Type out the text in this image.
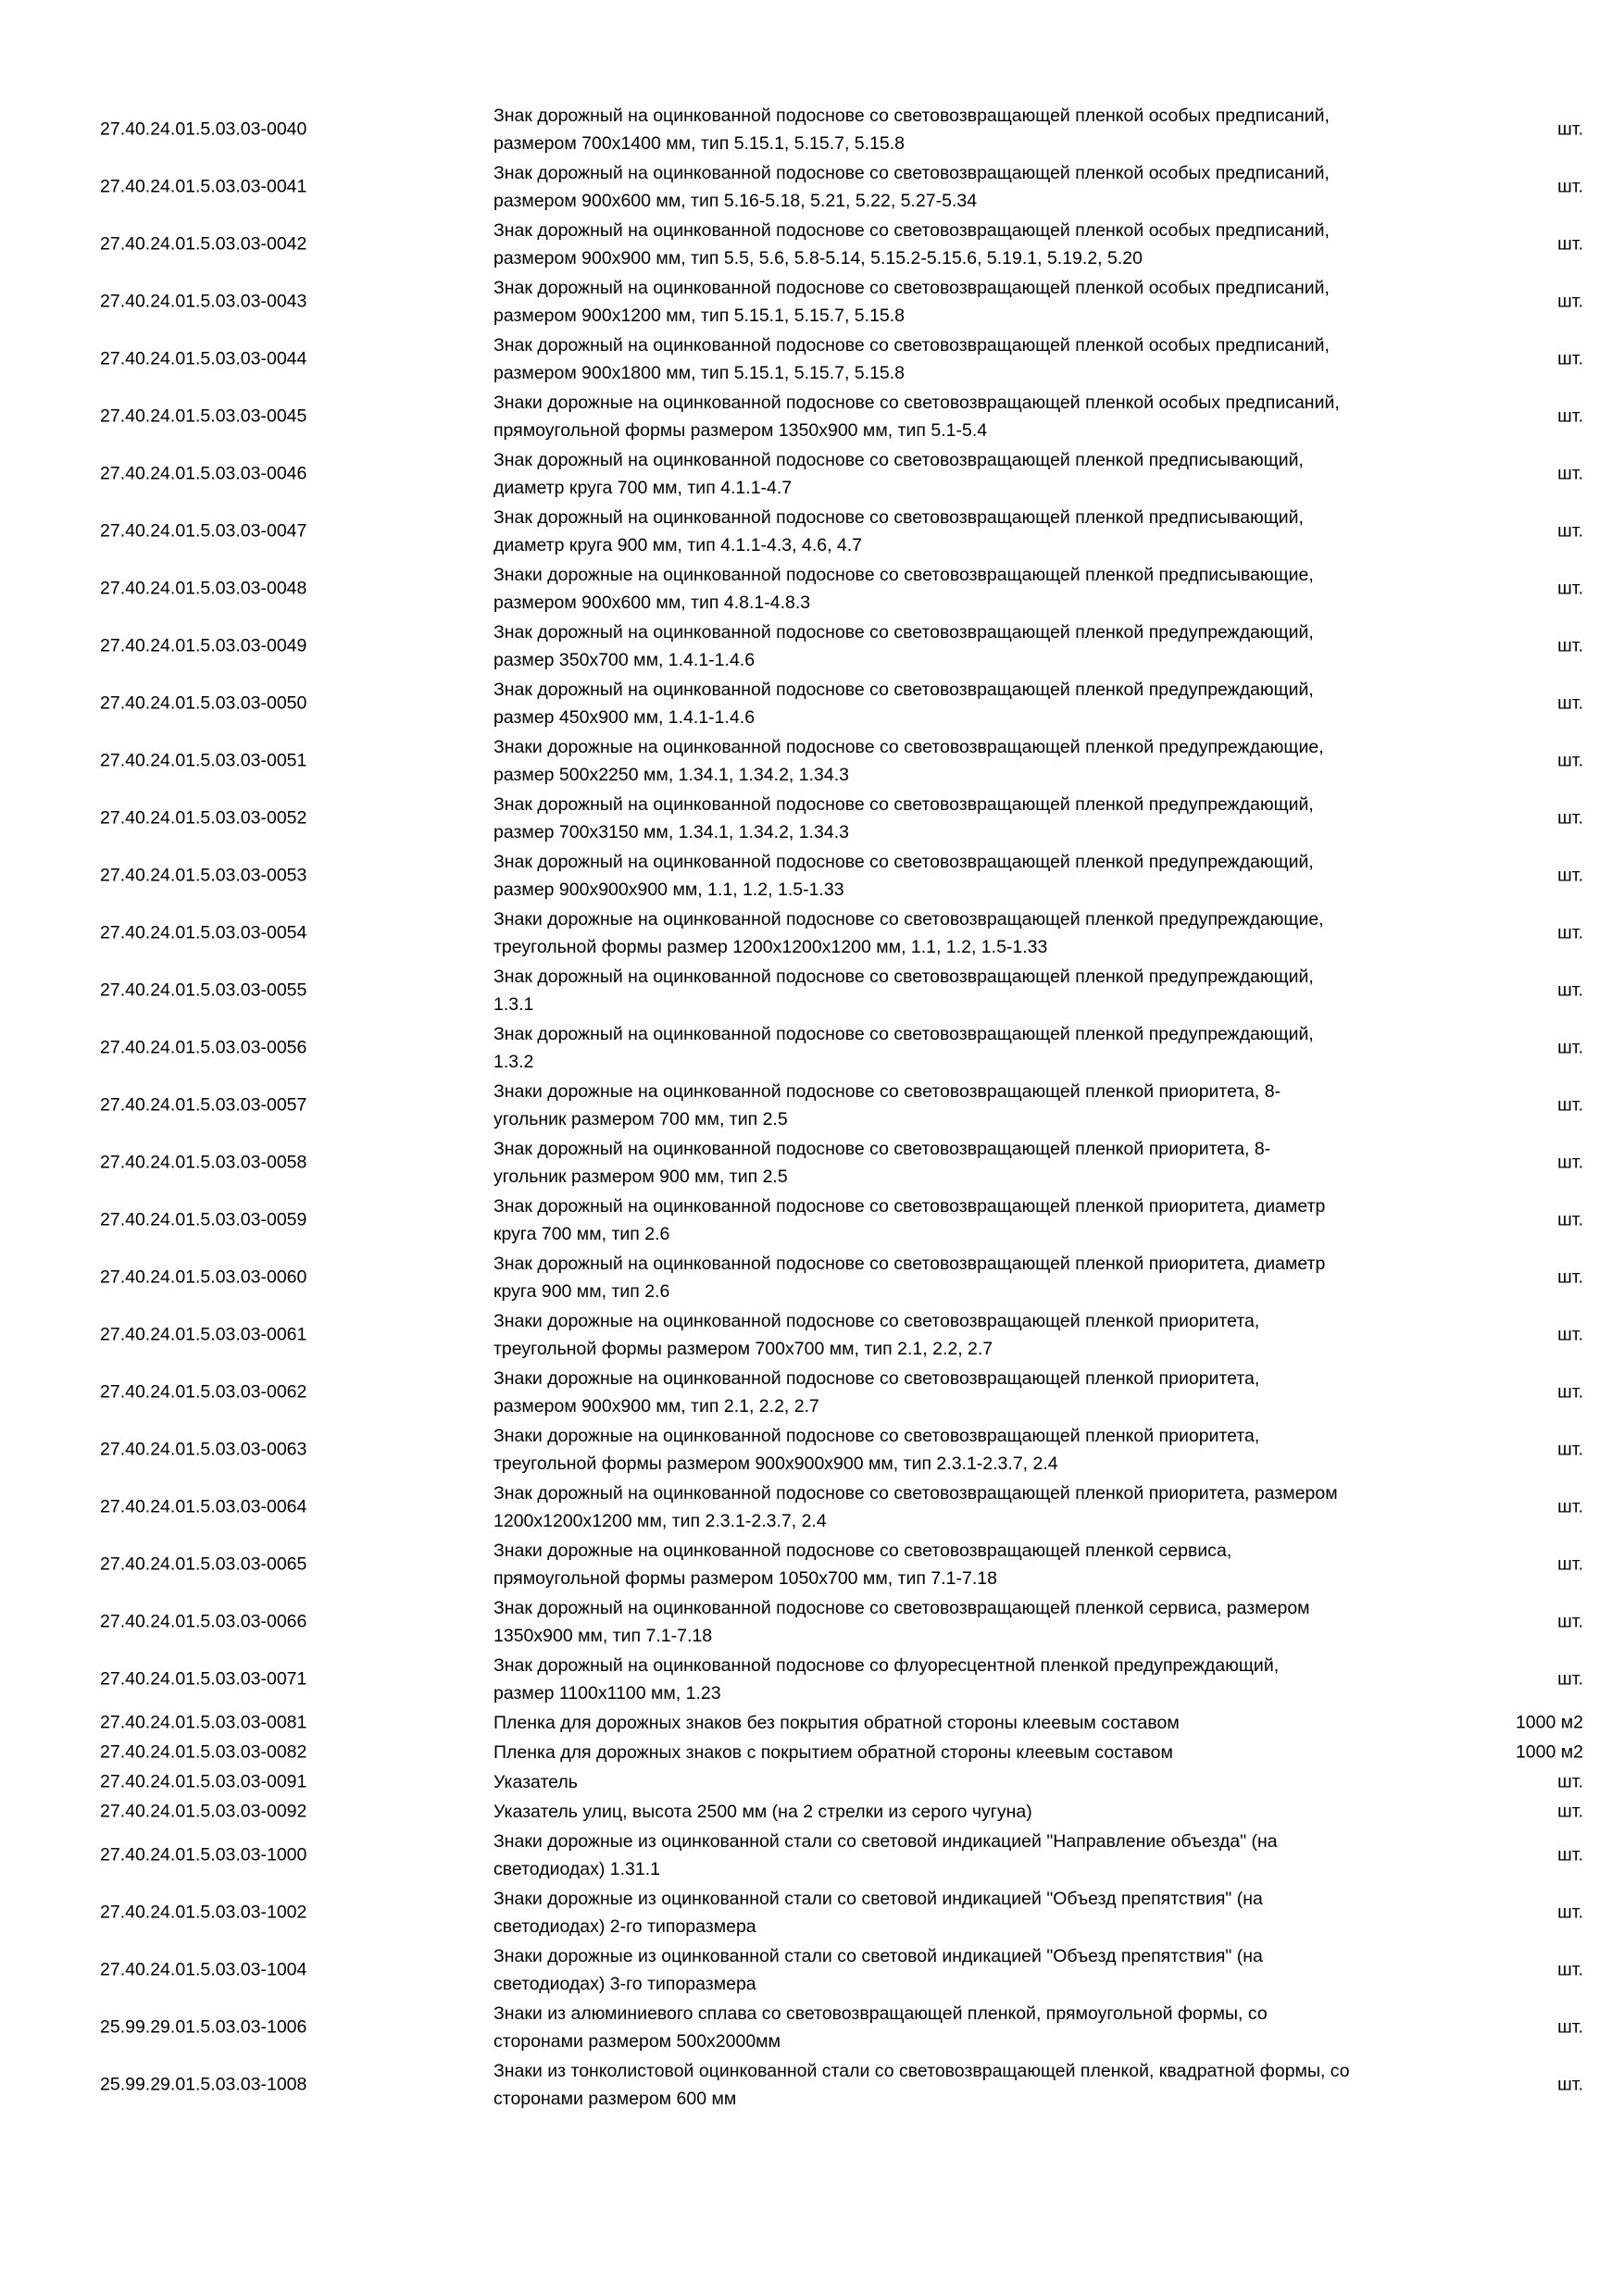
27.40.24.01.5.03.03-0040
Знак дорожный на оцинкованной подоснове со световозвращающей пленкой особых предписаний,
размером 700x1400 мм, тип 5.15.1, 5.15.7, 5.15.8
шт.
27.40.24.01.5.03.03-0041
Знак дорожный на оцинкованной подоснове со световозвращающей пленкой особых предписаний,
размером 900x600 мм, тип 5.16-5.18, 5.21, 5.22, 5.27-5.34
шт.
27.40.24.01.5.03.03-0042
Знак дорожный на оцинкованной подоснове со световозвращающей пленкой особых предписаний,
размером 900x900 мм, тип 5.5, 5.6, 5.8-5.14, 5.15.2-5.15.6, 5.19.1, 5.19.2, 5.20
шт.
27.40.24.01.5.03.03-0043
Знак дорожный на оцинкованной подоснове со световозвращающей пленкой особых предписаний,
размером 900x1200 мм, тип 5.15.1, 5.15.7, 5.15.8
шт.
27.40.24.01.5.03.03-0044
Знак дорожный на оцинкованной подоснове со световозвращающей пленкой особых предписаний,
размером 900x1800 мм, тип 5.15.1, 5.15.7, 5.15.8
шт.
27.40.24.01.5.03.03-0045
Знаки дорожные на оцинкованной подоснове со световозвращающей пленкой особых предписаний,
прямоугольной формы размером 1350x900 мм, тип 5.1-5.4
шт.
27.40.24.01.5.03.03-0046
Знак дорожный на оцинкованной подоснове со световозвращающей пленкой предписывающий,
диаметр круга 700 мм, тип 4.1.1-4.7
шт.
27.40.24.01.5.03.03-0047
Знак дорожный на оцинкованной подоснове со световозвращающей пленкой предписывающий,
диаметр круга 900 мм, тип 4.1.1-4.3, 4.6, 4.7
шт.
27.40.24.01.5.03.03-0048
Знаки дорожные на оцинкованной подоснове со световозвращающей пленкой предписывающие,
размером 900x600 мм, тип 4.8.1-4.8.3
шт.
27.40.24.01.5.03.03-0049
Знак дорожный на оцинкованной подоснове со световозвращающей пленкой предупреждающий,
размер 350x700 мм, 1.4.1-1.4.6
шт.
27.40.24.01.5.03.03-0050
Знак дорожный на оцинкованной подоснове со световозвращающей пленкой предупреждающий,
размер 450x900 мм, 1.4.1-1.4.6
шт.
27.40.24.01.5.03.03-0051
Знаки дорожные на оцинкованной подоснове со световозвращающей пленкой предупреждающие,
размер 500x2250 мм, 1.34.1, 1.34.2, 1.34.3
шт.
27.40.24.01.5.03.03-0052
Знак дорожный на оцинкованной подоснове со световозвращающей пленкой предупреждающий,
размер 700x3150 мм, 1.34.1, 1.34.2, 1.34.3
шт.
27.40.24.01.5.03.03-0053
Знак дорожный на оцинкованной подоснове со световозвращающей пленкой предупреждающий,
размер 900x900x900 мм, 1.1, 1.2, 1.5-1.33
шт.
27.40.24.01.5.03.03-0054
Знаки дорожные на оцинкованной подоснове со световозвращающей пленкой предупреждающие,
треугольной формы размер 1200x1200x1200 мм, 1.1, 1.2, 1.5-1.33
шт.
27.40.24.01.5.03.03-0055
Знак дорожный на оцинкованной подоснове со световозвращающей пленкой предупреждающий,
1.3.1
шт.
27.40.24.01.5.03.03-0056
Знак дорожный на оцинкованной подоснове со световозвращающей пленкой предупреждающий,
1.3.2
шт.
27.40.24.01.5.03.03-0057
Знаки дорожные на оцинкованной подоснове со световозвращающей пленкой приоритета, 8-
угольник размером 700 мм, тип 2.5
шт.
27.40.24.01.5.03.03-0058
Знак дорожный на оцинкованной подоснове со световозвращающей пленкой приоритета, 8-
угольник размером 900 мм, тип 2.5
шт.
27.40.24.01.5.03.03-0059
Знак дорожный на оцинкованной подоснове со световозвращающей пленкой приоритета, диаметр
круга 700 мм, тип 2.6
шт.
27.40.24.01.5.03.03-0060
Знак дорожный на оцинкованной подоснове со световозвращающей пленкой приоритета, диаметр
круга 900 мм, тип 2.6
шт.
27.40.24.01.5.03.03-0061
Знаки дорожные на оцинкованной подоснове со световозвращающей пленкой приоритета,
треугольной формы размером 700x700 мм, тип 2.1, 2.2, 2.7
шт.
27.40.24.01.5.03.03-0062
Знаки дорожные на оцинкованной подоснове со световозвращающей пленкой приоритета,
размером 900x900 мм, тип 2.1, 2.2, 2.7
шт.
27.40.24.01.5.03.03-0063
Знаки дорожные на оцинкованной подоснове со световозвращающей пленкой приоритета,
треугольной формы размером 900x900x900 мм, тип 2.3.1-2.3.7, 2.4
шт.
27.40.24.01.5.03.03-0064
Знак дорожный на оцинкованной подоснове со световозвращающей пленкой приоритета, размером
1200x1200x1200 мм, тип 2.3.1-2.3.7, 2.4
шт.
27.40.24.01.5.03.03-0065
Знаки дорожные на оцинкованной подоснове со световозвращающей пленкой сервиса,
прямоугольной формы размером 1050x700 мм, тип 7.1-7.18
шт.
27.40.24.01.5.03.03-0066
Знак дорожный на оцинкованной подоснове со световозвращающей пленкой сервиса, размером
1350x900 мм, тип 7.1-7.18
шт.
27.40.24.01.5.03.03-0071
Знак дорожный на оцинкованной подоснове со флуоресцентной пленкой предупреждающий,
размер 1100x1100 мм, 1.23
шт.
27.40.24.01.5.03.03-0081	Пленка для дорожных знаков без покрытия обратной стороны клеевым составом	1000 м2
27.40.24.01.5.03.03-0082	Пленка для дорожных знаков с покрытием обратной стороны клеевым составом	1000 м2
27.40.24.01.5.03.03-0091	Указатель	шт.
27.40.24.01.5.03.03-0092	Указатель улиц, высота 2500 мм (на 2 стрелки из серого чугуна)	шт.
27.40.24.01.5.03.03-1000
Знаки дорожные из оцинкованной стали со световой индикацией "Направление объезда" (на
светодиодах) 1.31.1
шт.
27.40.24.01.5.03.03-1002
Знаки дорожные из оцинкованной стали со световой индикацией "Объезд препятствия" (на
светодиодах) 2-го типоразмера
шт.
27.40.24.01.5.03.03-1004
Знаки дорожные из оцинкованной стали со световой индикацией "Объезд препятствия" (на
светодиодах) 3-го типоразмера
шт.
25.99.29.01.5.03.03-1006
Знаки из алюминиевого сплава со световозвращающей пленкой, прямоугольной формы, со
сторонами размером 500x2000мм
шт.
25.99.29.01.5.03.03-1008
Знаки из тонколистовой оцинкованной стали со световозвращающей пленкой, квадратной формы, со
сторонами размером 600 мм
шт.
